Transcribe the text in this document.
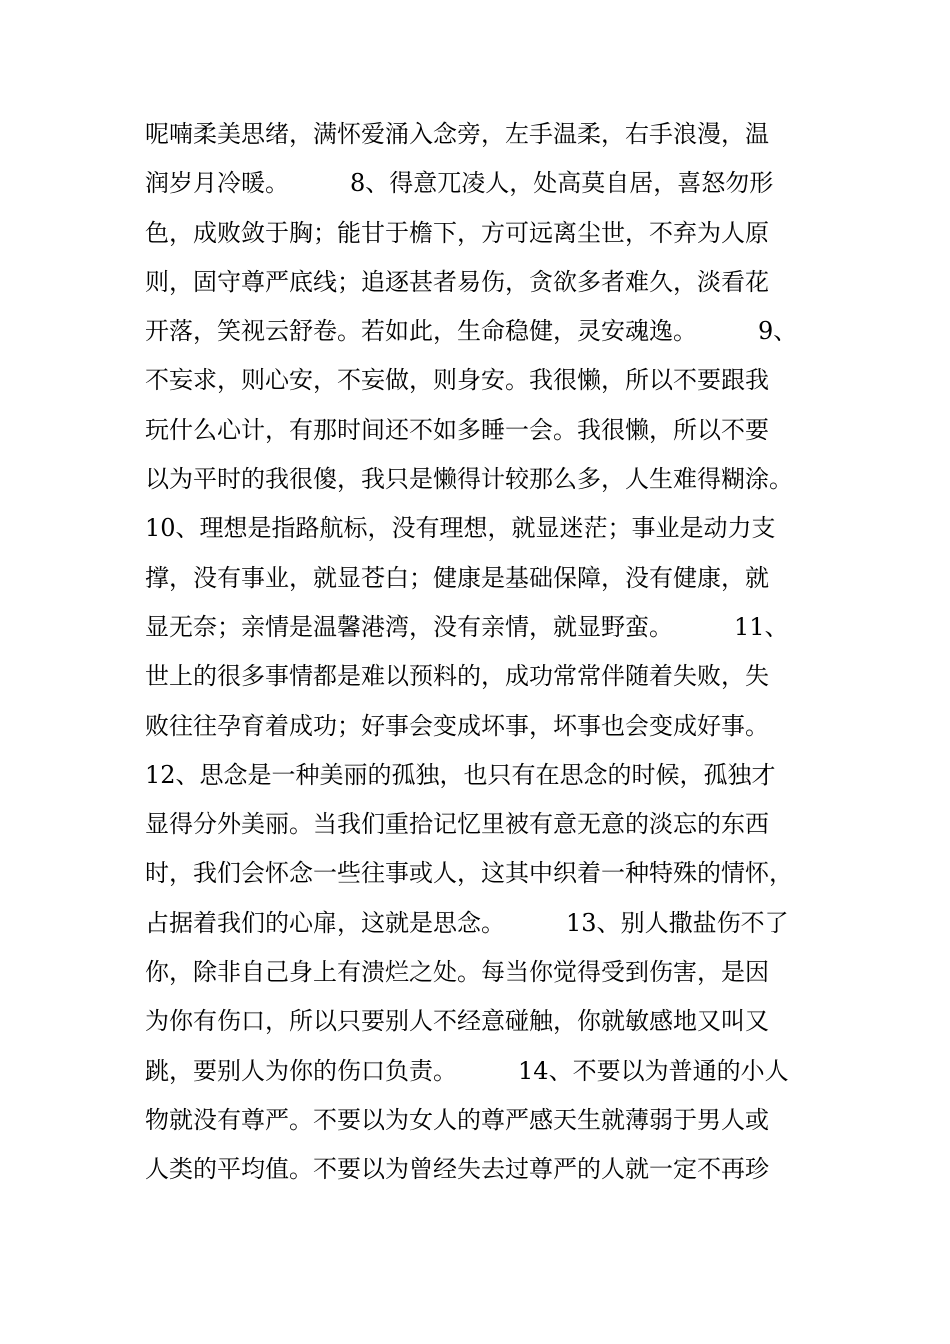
呢喃柔美思绪，满怀爱涌入念旁，左手温柔，右手浪漫，温
润岁月冷暖。        8、得意兀凌人，处高莫自居，喜怒勿形
色，成败敛于胸；能甘于檐下，方可远离尘世，不弃为人原
则，固守尊严底线；追逐甚者易伤，贪欲多者难久，淡看花
开落，笑视云舒卷。若如此，生命稳健，灵安魂逸。        9、
不妄求，则心安，不妄做，则身安。我很懒，所以不要跟我
玩什么心计，有那时间还不如多睡一会。我很懒，所以不要
以为平时的我很傻，我只是懒得计较那么多，人生难得糊涂。
10、理想是指路航标，没有理想，就显迷茫；事业是动力支
撑，没有事业，就显苍白；健康是基础保障，没有健康，就
显无奈；亲情是温馨港湾，没有亲情，就显野蛮。        11、
世上的很多事情都是难以预料的，成功常常伴随着失败，失
败往往孕育着成功；好事会变成坏事，坏事也会变成好事。
12、思念是一种美丽的孤独，也只有在思念的时候，孤独才
显得分外美丽。当我们重拾记忆里被有意无意的淡忘的东西
时，我们会怀念一些往事或人，这其中织着一种特殊的情怀，
占据着我们的心扉，这就是思念。        13、别人撒盐伤不了
你，除非自己身上有溃烂之处。每当你觉得受到伤害，是因
为你有伤口，所以只要别人不经意碰触，你就敏感地又叫又
跳，要别人为你的伤口负责。        14、不要以为普通的小人
物就没有尊严。不要以为女人的尊严感天生就薄弱于男人或
人类的平均值。不要以为曾经失去过尊严的人就一定不再珍
